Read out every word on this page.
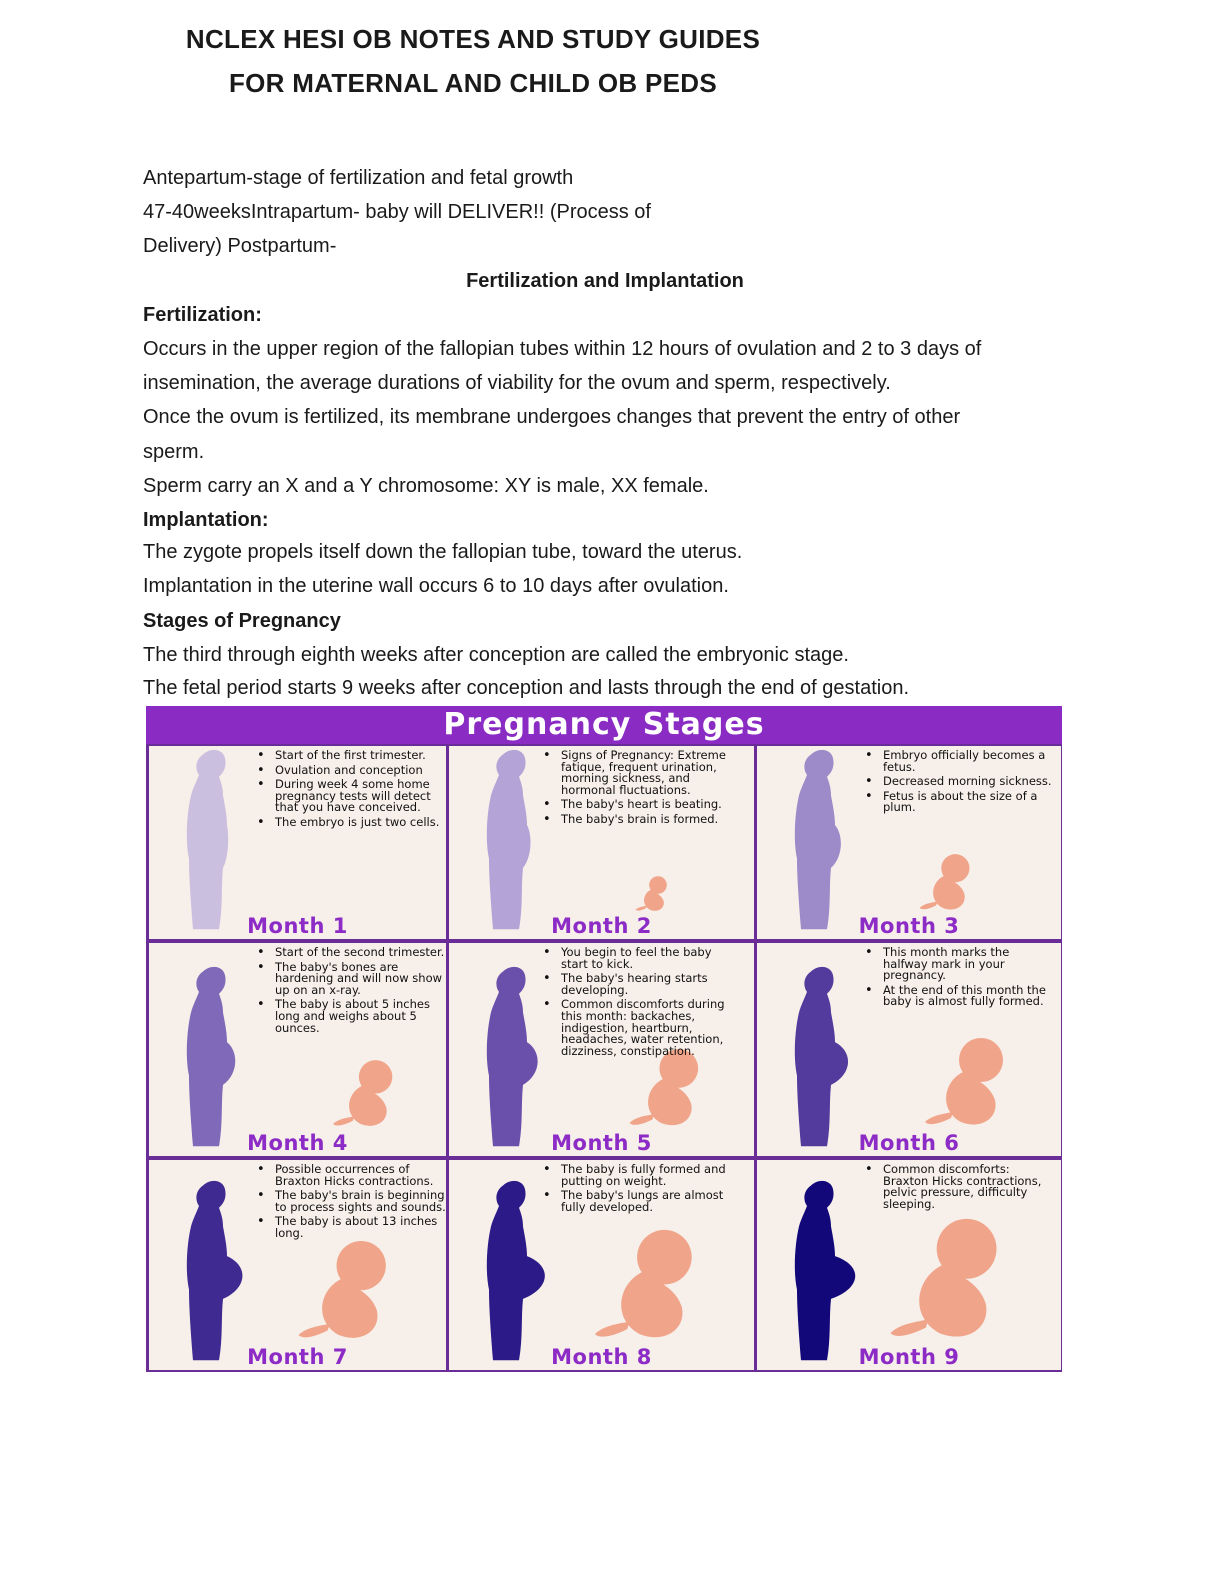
NCLEX HESI OB NOTES AND STUDY GUIDES
FOR MATERNAL AND CHILD OB PEDS

Antepartum-stage of fertilization and fetal growth

47-40weeksIntrapartum- baby will DELIVER!! (Process of

Delivery) Postpartum-

Fertilization and Implantation

Fertilization:

Occurs in the upper region of the fallopian tubes within 12 hours of ovulation and 2 to 3 days of

insemination, the average durations of viability for the ovum and sperm, respectively.

Once the ovum is fertilized, its membrane undergoes changes that prevent the entry of other

sperm.

Sperm carry an X and a Y chromosome: XY is male, XX female.

Implantation:

The zygote propels itself down the fallopian tube, toward the uterus.

Implantation in the uterine wall occurs 6 to 10 days after ovulation.

Stages of Pregnancy

The third through eighth weeks after conception are called the embryonic stage.

The fetal period starts 9 weeks after conception and lasts through the end of gestation.

Pregnancy Stages
• Start of the first trimester.
• Ovulation and conception
• During week 4 some home pregnancy tests will detect that you have conceived.
• The embryo is just two cells.
Month 1
• Signs of Pregnancy: Extreme fatique, frequent urination, morning sickness, and hormonal fluctuations.
• The baby's heart is beating.
• The baby's brain is formed.
Month 2
• Embryo officially becomes a fetus.
• Decreased morning sickness.
• Fetus is about the size of a plum.
Month 3
• Start of the second trimester.
• The baby's bones are hardening and will now show up on an x-ray.
• The baby is about 5 inches long and weighs about 5 ounces.
Month 4
• You begin to feel the baby start to kick.
• The baby's hearing starts developing.
• Common discomforts during this month: backaches, indigestion, heartburn, headaches, water retention, dizziness, constipation.
Month 5
• This month marks the halfway mark in your pregnancy.
• At the end of this month the baby is almost fully formed.
Month 6
• Possible occurrences of Braxton Hicks contractions.
• The baby's brain is beginning to process sights and sounds.
• The baby is about 13 inches long.
Month 7
• The baby is fully formed and putting on weight.
• The baby's lungs are almost fully developed.
Month 8
• Common discomforts: Braxton Hicks contractions, pelvic pressure, difficulty sleeping.
Month 9
